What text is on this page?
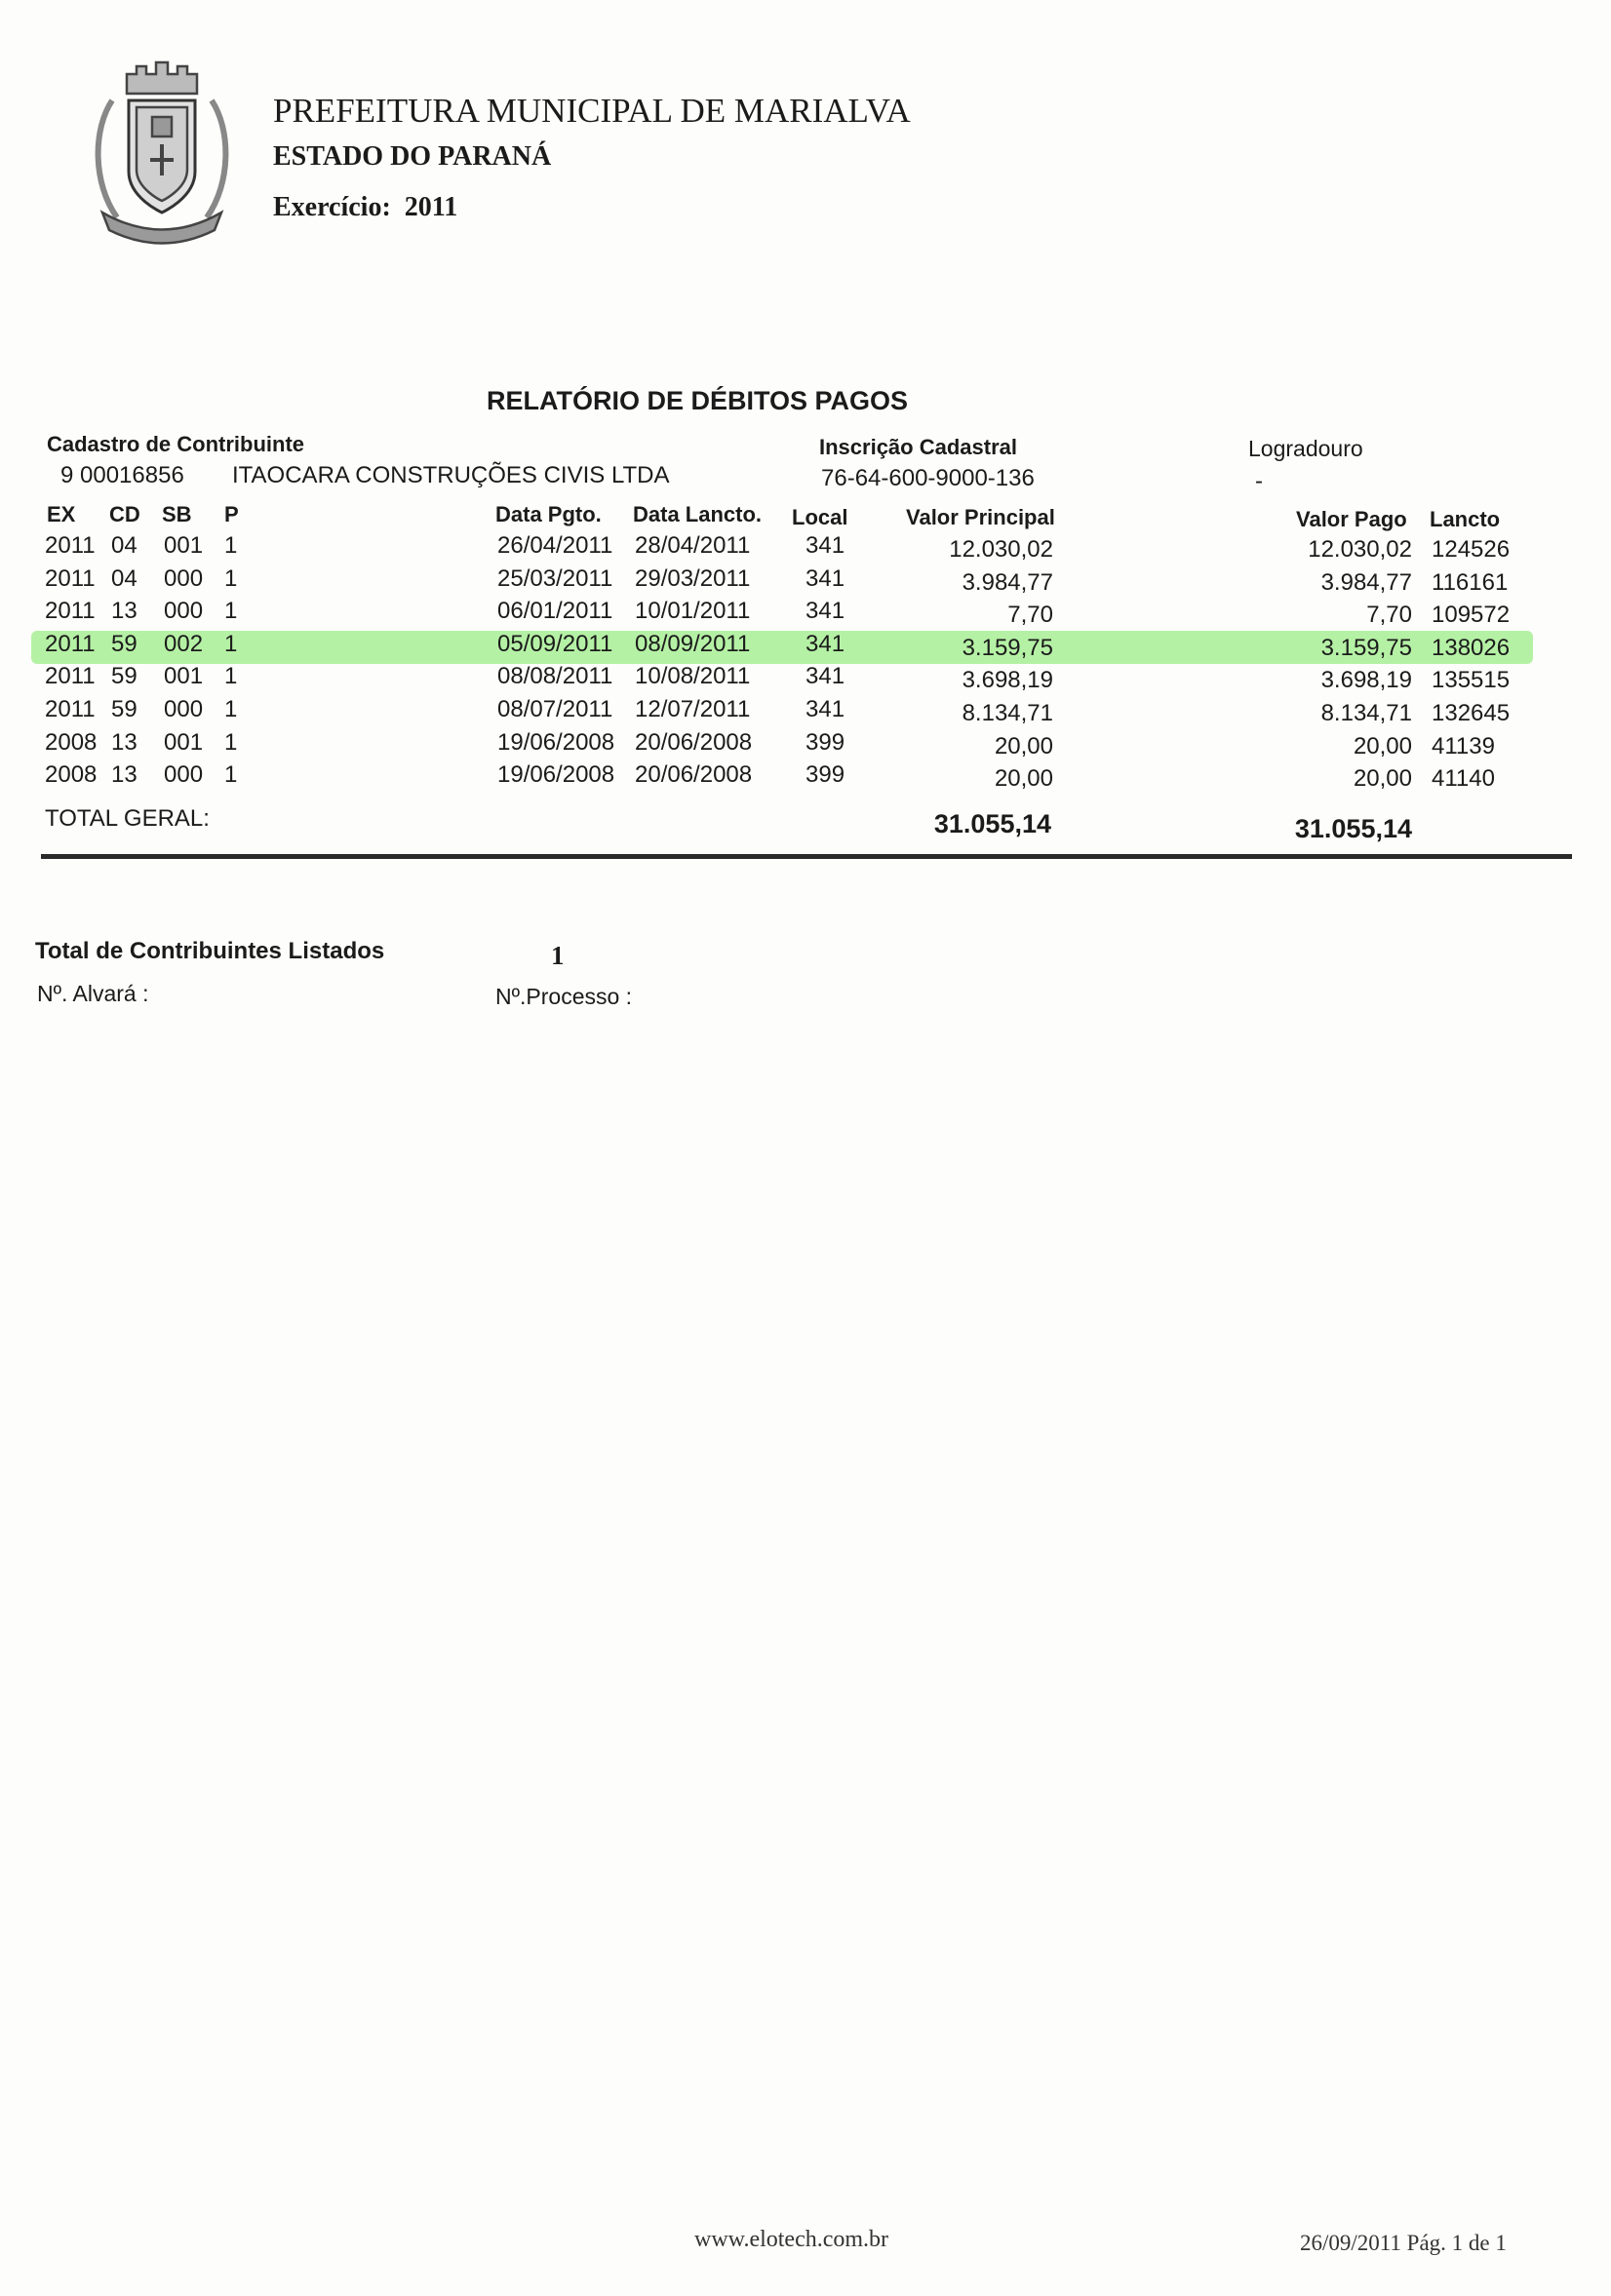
PREFEITURA MUNICIPAL DE MARIALVA
ESTADO DO PARANÁ
Exercício: 2011
RELATÓRIO DE DÉBITOS PAGOS
Cadastro de Contribuinte
9 00016856 ITAOCARA CONSTRUÇÕES CIVIS LTDA
Inscrição Cadastral
76-64-600-9000-136
Logradouro
-
EX CD SB P	Data Pgto. Data Lancto. Local	Valor Principal	Valor Pago Lancto
2011 04	001 1	26/04/2011 28/04/2011	341	12.030,02	12.030,02 124526
2011 04	000 1	25/03/2011 29/03/2011	341	3.984,77	3.984,77 116161
2011 13	000 1	06/01/2011 10/01/2011	341	7,70	7,70 109572
2011 59	002 1	05/09/2011 08/09/2011	341	3.159,75	3.159,75 138026
2011 59	001 1	08/08/2011 10/08/2011	341	3.698,19	3.698,19 135515
2011 59	000 1	08/07/2011 12/07/2011	341	8.134,71	8.134,71 132645
2008 13	001 1	19/06/2008 20/06/2008	399	20,00	20,00 41139
2008 13	000 1	19/06/2008 20/06/2008	399	20,00	20,00 41140
TOTAL GERAL:	31.055,14	31.055,14
Total de Contribuintes Listados	1
Nº. Alvará :	Nº.Processo :
www.elotech.com.br	26/09/2011 Pág. 1 de 1
